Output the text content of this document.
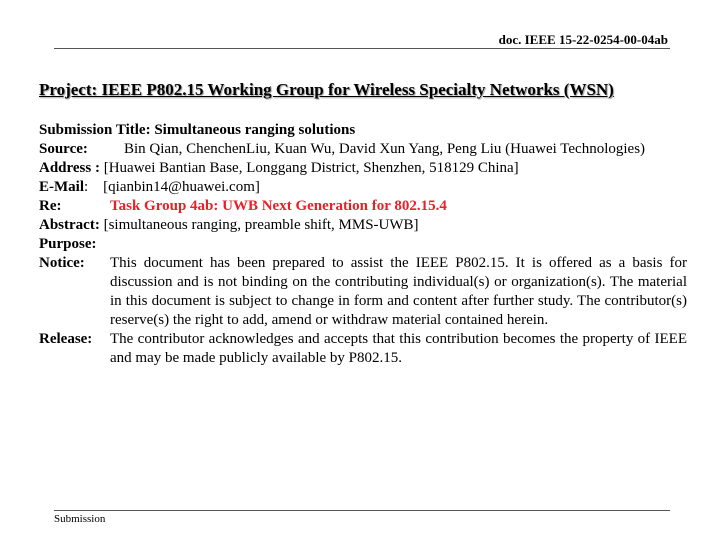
doc. IEEE 15-22-0254-00-04ab
Project: IEEE P802.15 Working Group for Wireless Specialty Networks (WSN)
Submission Title: Simultaneous ranging solutions
Source: Bin Qian, ChenchenLiu, Kuan Wu, David Xun Yang, Peng Liu (Huawei Technologies)
Address : [Huawei Bantian Base, Longgang District, Shenzhen, 518129 China]
E-Mail: [qianbin14@huawei.com]
Re:	Task Group 4ab: UWB Next Generation for 802.15.4
Abstract: [simultaneous ranging, preamble shift, MMS-UWB]
Purpose:
Notice: This document has been prepared to assist the IEEE P802.15. It is offered as a basis for discussion and is not binding on the contributing individual(s) or organization(s). The material in this document is subject to change in form and content after further study. The contributor(s) reserve(s) the right to add, amend or withdraw material contained herein.
Release: The contributor acknowledges and accepts that this contribution becomes the property of IEEE and may be made publicly available by P802.15.
Submission
